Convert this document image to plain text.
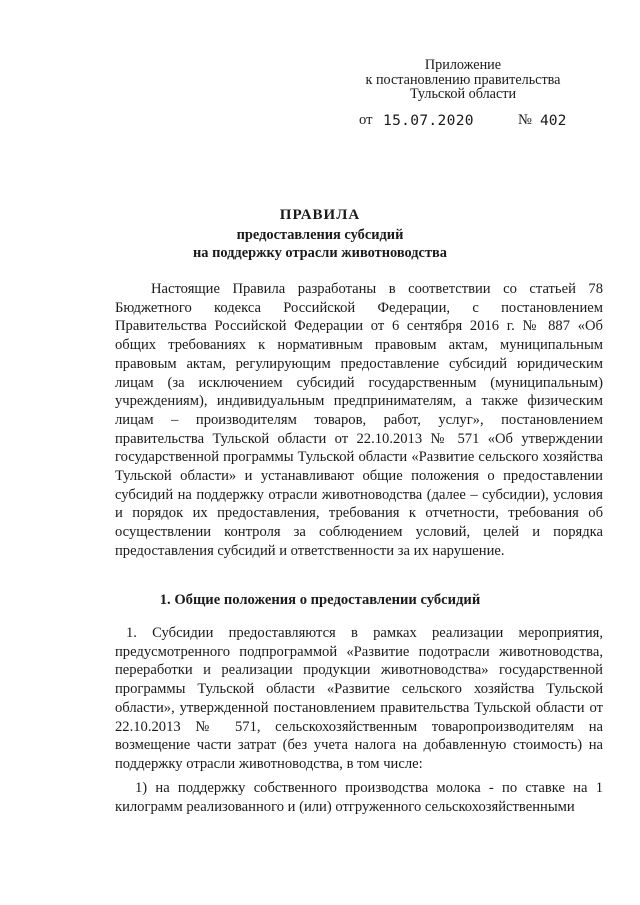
Приложение
к постановлению правительства
Тульской области
от 15.07.2020	№ 402
ПРАВИЛА
предоставления субсидий
на поддержку отрасли животноводства
Настоящие Правила разработаны в соответствии со статьей 78 Бюджетного кодекса Российской Федерации, с постановлением Правительства Российской Федерации от 6 сентября 2016 г. № 887 «Об общих требованиях к нормативным правовым актам, муниципальным правовым актам, регулирующим предоставление субсидий юридическим лицам (за исключением субсидий государственным (муниципальным) учреждениям), индивидуальным предпринимателям, а также физическим лицам – производителям товаров, работ, услуг», постановлением правительства Тульской области от 22.10.2013 № 571 «Об утверждении государственной программы Тульской области «Развитие сельского хозяйства Тульской области» и устанавливают общие положения о предоставлении субсидий на поддержку отрасли животноводства (далее – субсидии), условия и порядок их предоставления, требования к отчетности, требования об осуществлении контроля за соблюдением условий, целей и порядка предоставления субсидий и ответственности за их нарушение.
1. Общие положения о предоставлении субсидий
1. Субсидии предоставляются в рамках реализации мероприятия, предусмотренного подпрограммой «Развитие подотрасли животноводства, переработки и реализации продукции животноводства» государственной программы Тульской области «Развитие сельского хозяйства Тульской области», утвержденной постановлением правительства Тульской области от 22.10.2013 № 571, сельскохозяйственным товаропроизводителям на возмещение части затрат (без учета налога на добавленную стоимость) на поддержку отрасли животноводства, в том числе:
1) на поддержку собственного производства молока - по ставке на 1 килограмм реализованного и (или) отгруженного сельскохозяйственными
